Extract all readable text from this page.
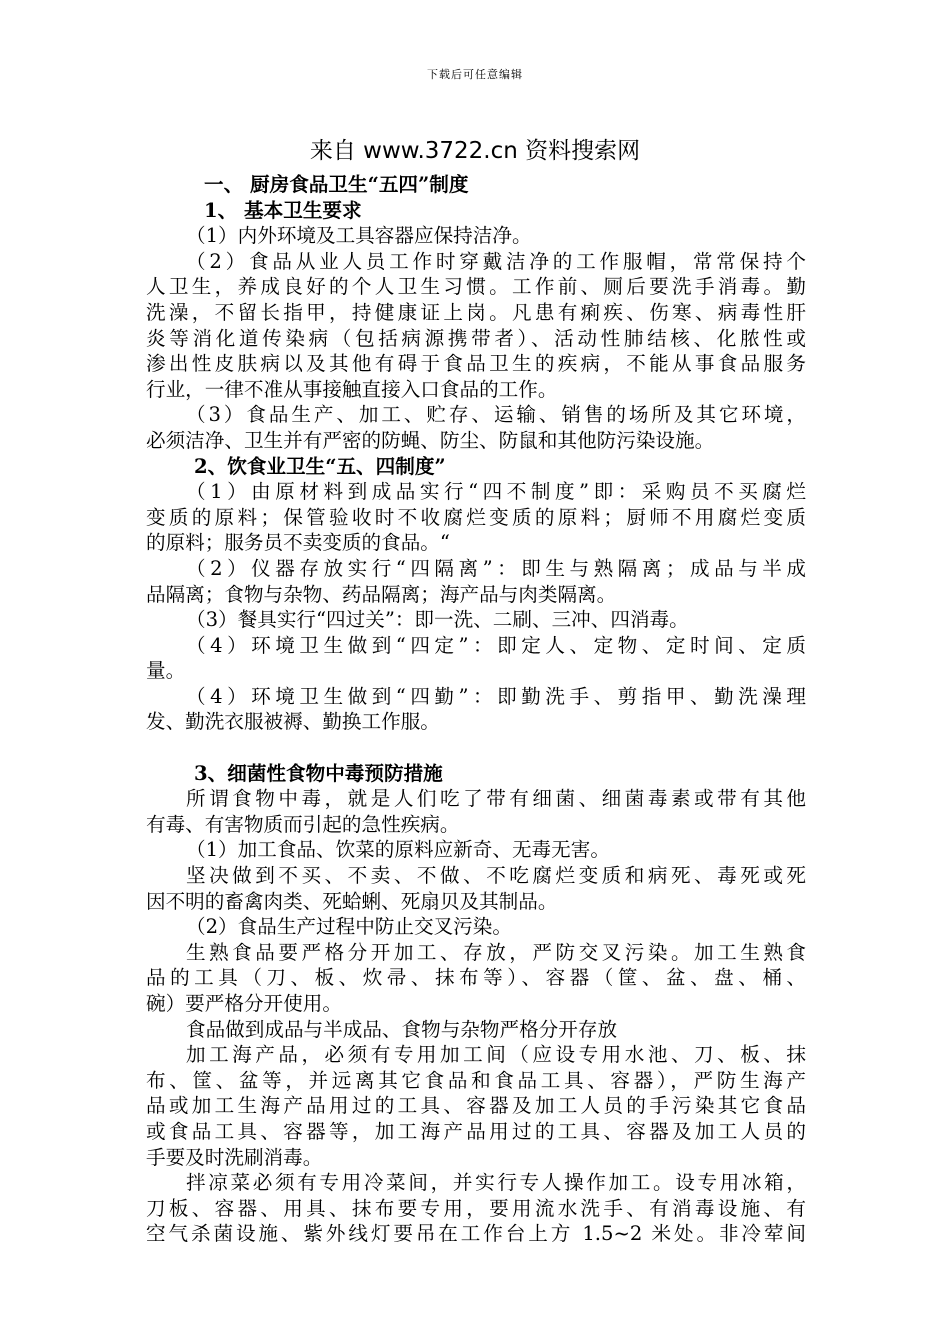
下载后可任意编辑
来自 www.3722.cn 资料搜索网
一、 厨房食品卫生“五四”制度
1、 基本卫生要求
（1）内外环境及工具容器应保持洁净。
（2）食品从业人员工作时穿戴洁净的工作服帽，常常保持个
人卫生，养成良好的个人卫生习惯。工作前、厕后要洗手消毒。勤
洗澡，不留长指甲，持健康证上岗。凡患有痢疾、伤寒、病毒性肝
炎等消化道传染病（包括病源携带者）、活动性肺结核、化脓性或
渗出性皮肤病以及其他有碍于食品卫生的疾病，不能从事食品服务
行业，一律不准从事接触直接入口食品的工作。
（3）食品生产、加工、贮存、运输、销售的场所及其它环境，
必须洁净、卫生并有严密的防蝇、防尘、防鼠和其他防污染设施。
2、饮食业卫生“五、四制度”
（1）由原材料到成品实行“四不制度”即：采购员不买腐烂
变质的原料；保管验收时不收腐烂变质的原料；厨师不用腐烂变质
的原料；服务员不卖变质的食品。“
（2）仪器存放实行“四隔离”：即生与熟隔离；成品与半成
品隔离；食物与杂物、药品隔离；海产品与肉类隔离。
（3）餐具实行“四过关”：即一洗、二刷、三冲、四消毒。
（4）环境卫生做到“四定”：即定人、定物、定时间、定质
量。
（4）环境卫生做到“四勤”：即勤洗手、剪指甲、勤洗澡理
发、勤洗衣服被褥、勤换工作服。
3、细菌性食物中毒预防措施
所谓食物中毒，就是人们吃了带有细菌、细菌毒素或带有其他
有毒、有害物质而引起的急性疾病。
（1）加工食品、饮菜的原料应新奇、无毒无害。
坚决做到不买、不卖、不做、不吃腐烂变质和病死、毒死或死
因不明的畜禽肉类、死蛤蜊、死扇贝及其制品。
（2）食品生产过程中防止交叉污染。
生熟食品要严格分开加工、存放，严防交叉污染。加工生熟食
品的工具（刀、板、炊帚、抹布等）、容器（筐、盆、盘、桶、
碗）要严格分开使用。
食品做到成品与半成品、食物与杂物严格分开存放
加工海产品，必须有专用加工间（应设专用水池、刀、板、抹
布、筐、盆等，并远离其它食品和食品工具、容器），严防生海产
品或加工生海产品用过的工具、容器及加工人员的手污染其它食品
或食品工具、容器等，加工海产品用过的工具、容器及加工人员的
手要及时洗刷消毒。
拌凉菜必须有专用冷菜间，并实行专人操作加工。设专用冰箱，
刀板、容器、用具、抹布要专用，要用流水洗手、有消毒设施、有
空气杀菌设施、紫外线灯要吊在工作台上方 1.5~2 米处。非冷荤间
